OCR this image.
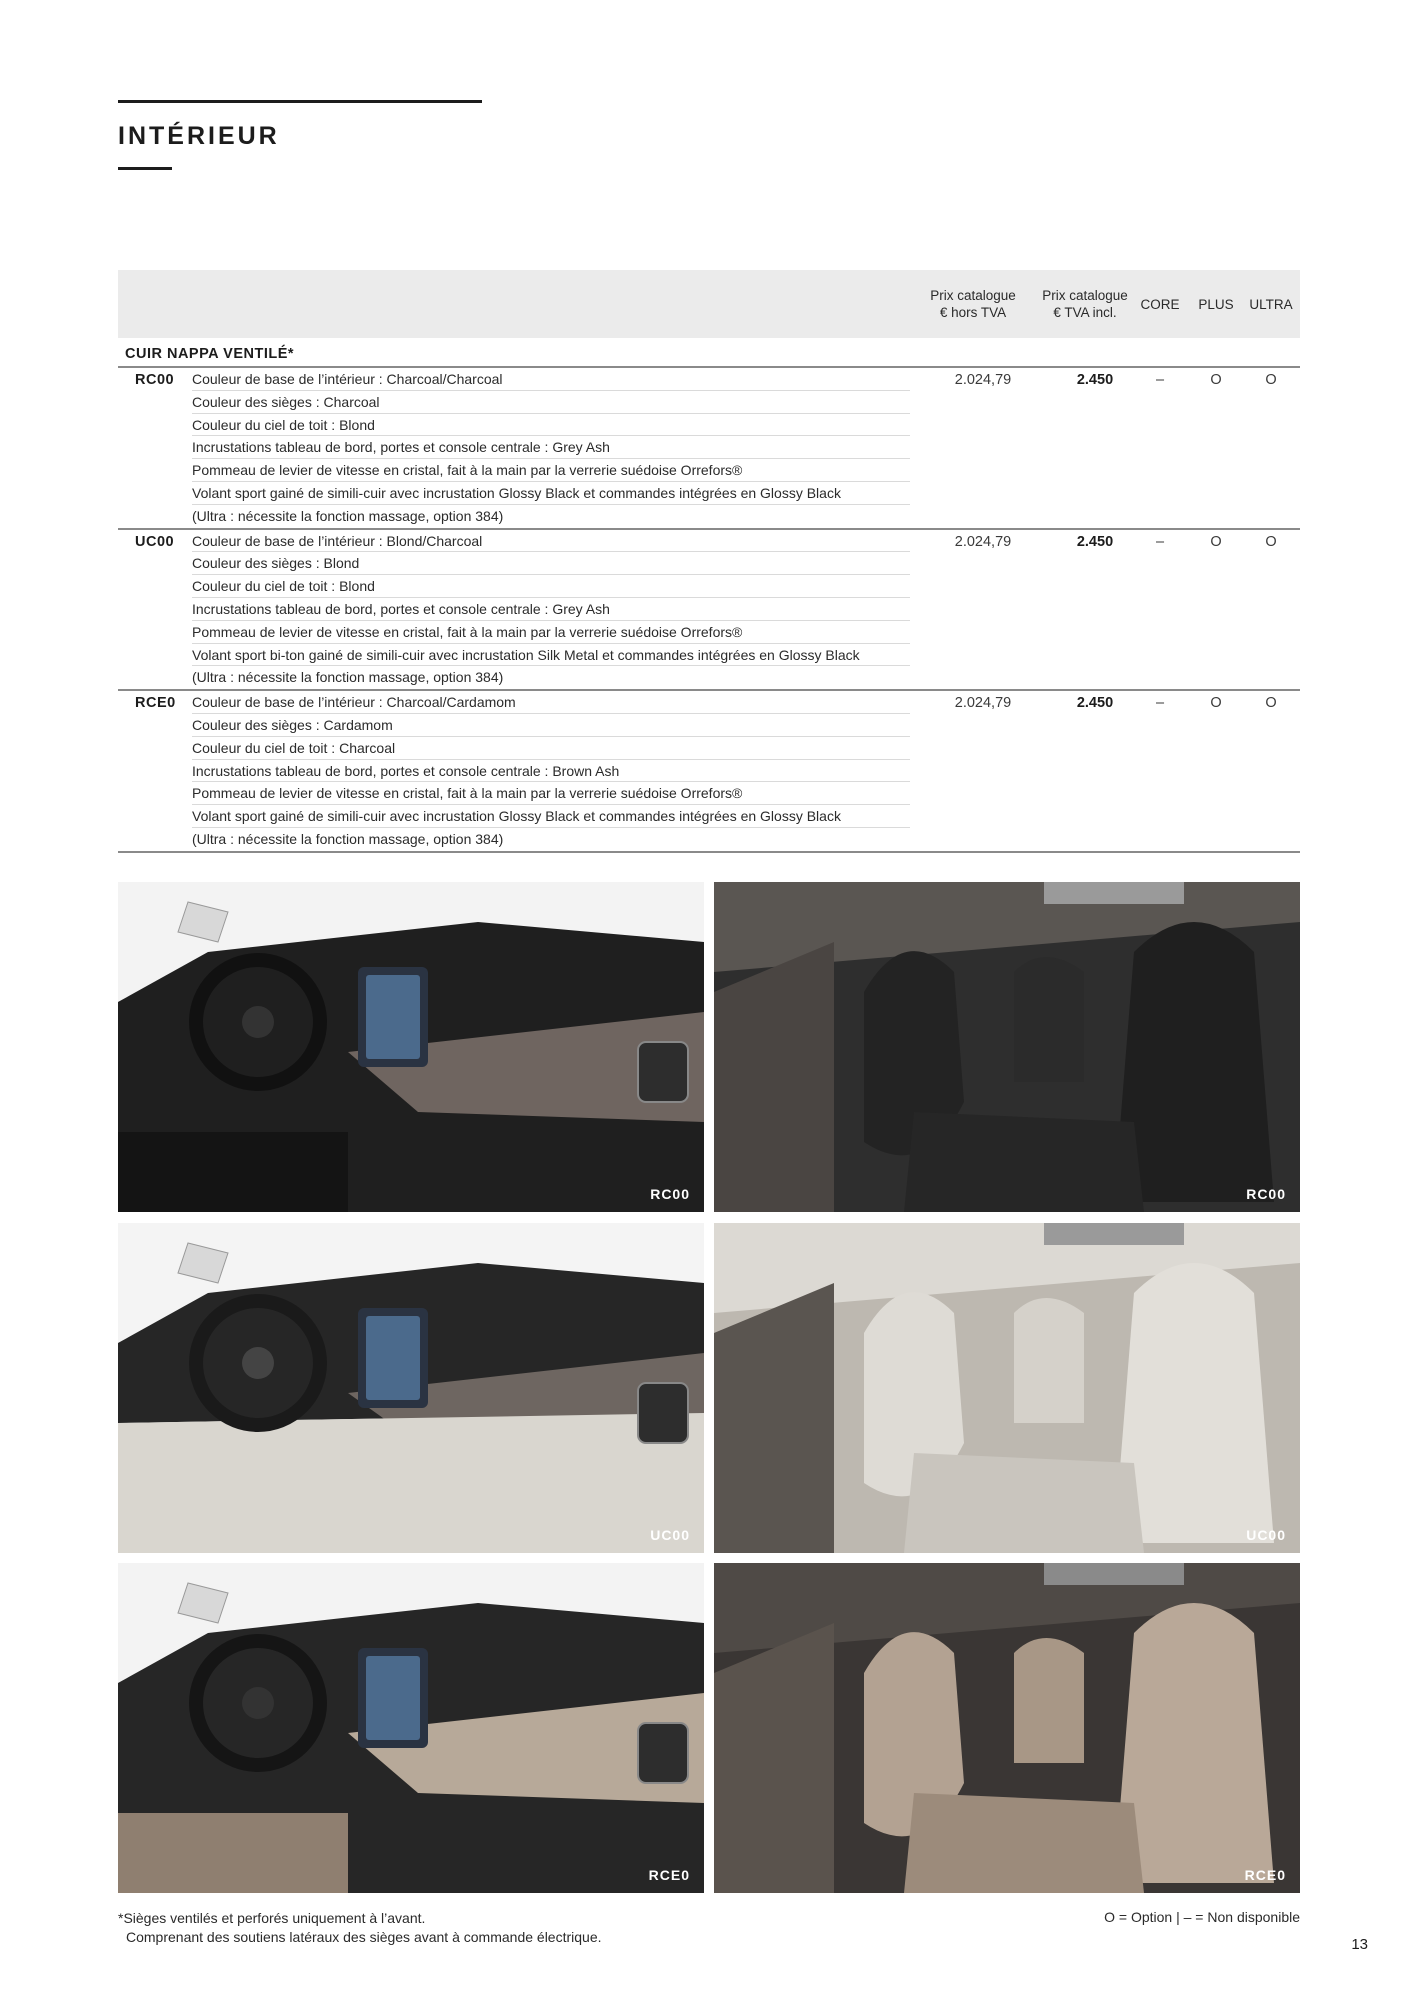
INTÉRIEUR
Prix catalogue
€ hors TVA
Prix catalogue
€ TVA incl.
CORE PLUS ULTRA
CUIR NAPPA VENTILÉ*
RC00 Couleur de base de l’intérieur : Charcoal/Charcoal
Couleur des sièges : Charcoal
Couleur du ciel de toit : Blond
Incrustations tableau de bord, portes et console centrale : Grey Ash
Pommeau de levier de vitesse en cristal, fait à la main par la verrerie suédoise Orrefors®
Volant sport gainé de simili-cuir avec incrustation Glossy Black et commandes intégrées en Glossy Black
(Ultra : nécessite la fonction massage, option 384)
2.024,79	2.450	–	O	O
UC00 Couleur de base de l’intérieur : Blond/Charcoal
Couleur des sièges : Blond
Couleur du ciel de toit : Blond
Incrustations tableau de bord, portes et console centrale : Grey Ash
Pommeau de levier de vitesse en cristal, fait à la main par la verrerie suédoise Orrefors®
Volant sport bi-ton gainé de simili-cuir avec incrustation Silk Metal et commandes intégrées en Glossy Black
(Ultra : nécessite la fonction massage, option 384)
2.024,79	2.450	–	O	O
RCE0 Couleur de base de l’intérieur : Charcoal/Cardamom
Couleur des sièges : Cardamom
Couleur du ciel de toit : Charcoal
Incrustations tableau de bord, portes et console centrale : Brown Ash
Pommeau de levier de vitesse en cristal, fait à la main par la verrerie suédoise Orrefors®
Volant sport gainé de simili-cuir avec incrustation Glossy Black et commandes intégrées en Glossy Black
(Ultra : nécessite la fonction massage, option 384)
2.024,79	2.450	–	O	O
RC00	RC00
UC00	UC00
RCE0	RCE0
*Sièges ventilés et perforés uniquement à l’avant.
Comprenant des soutiens latéraux des sièges avant à commande électrique.
O = Option | – = Non disponible
13
